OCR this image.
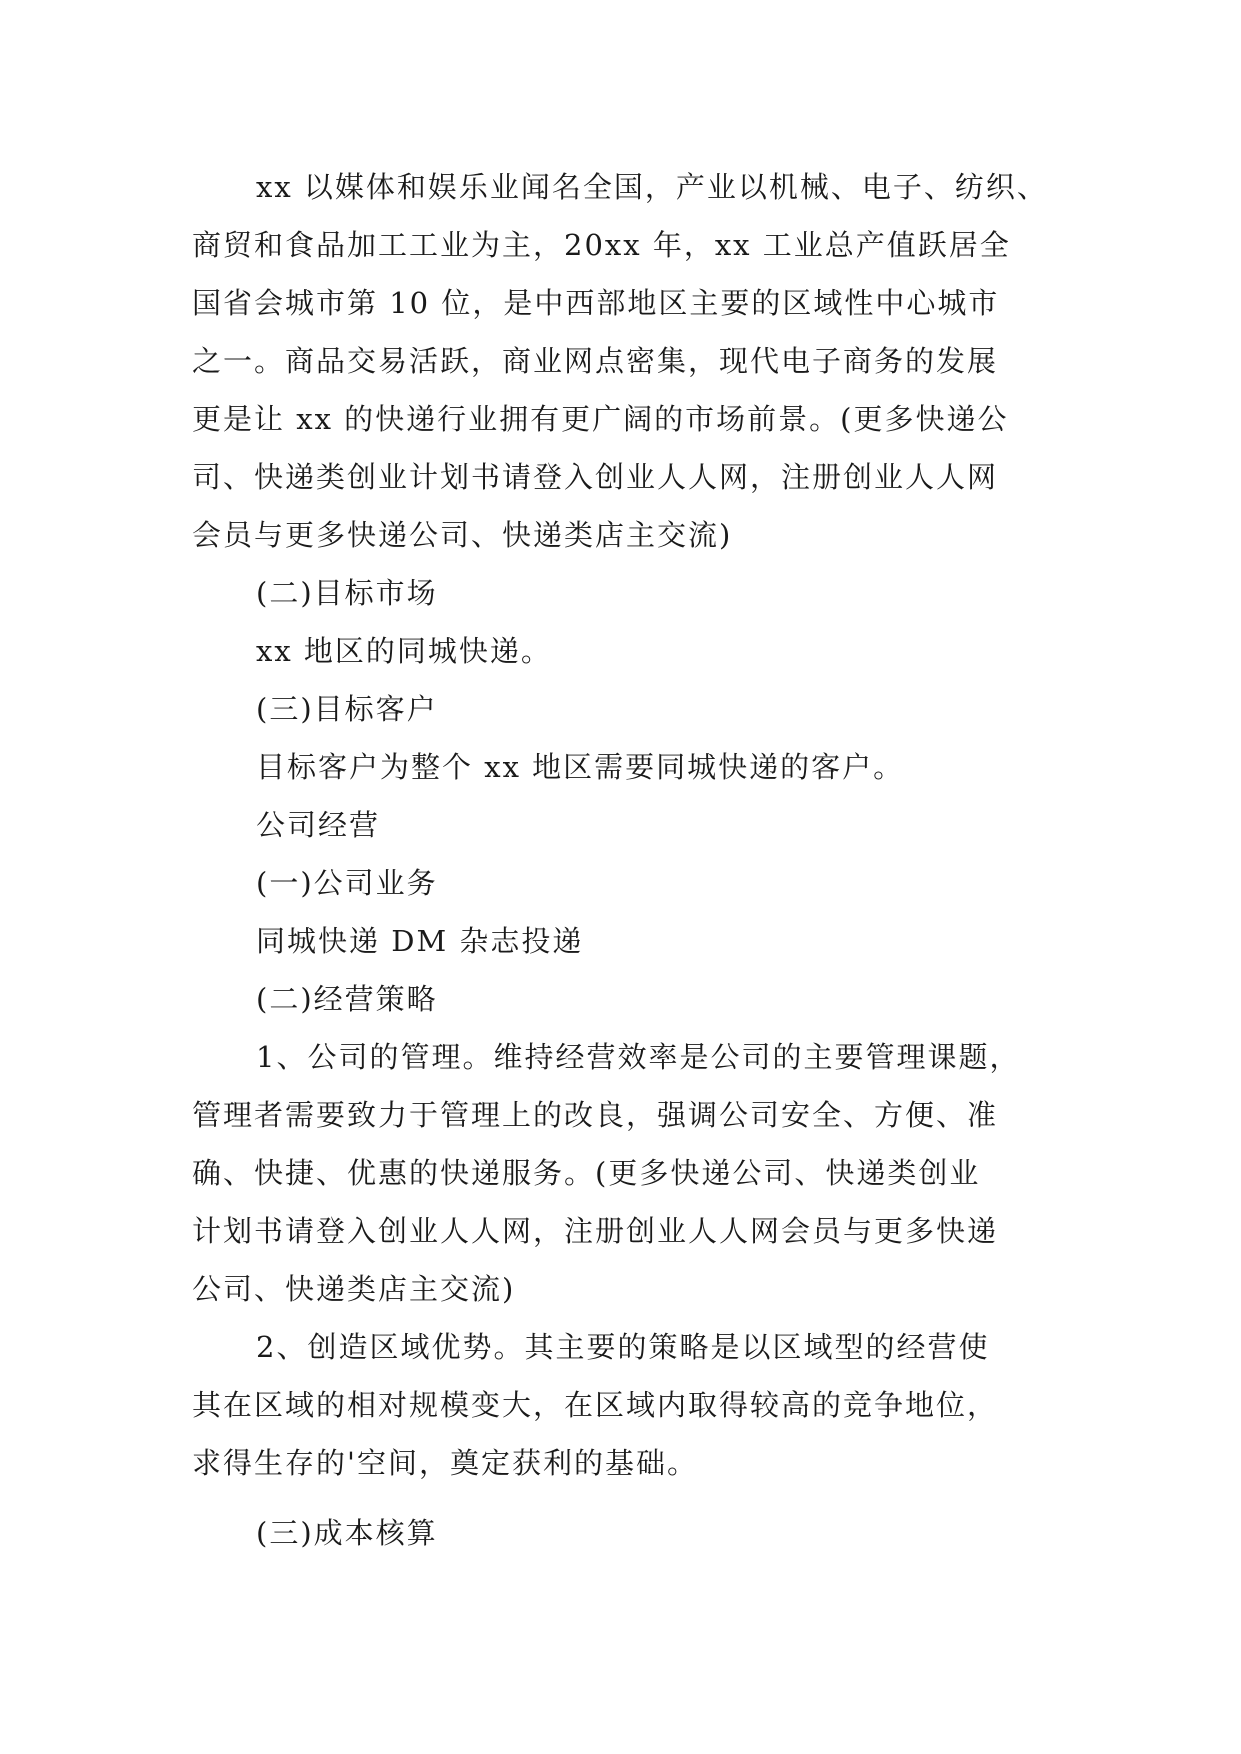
xx 以媒体和娱乐业闻名全国，产业以机械、电子、纺织、
商贸和食品加工工业为主，20xx 年，xx 工业总产值跃居全
国省会城市第 10 位，是中西部地区主要的区域性中心城市
之一。商品交易活跃，商业网点密集，现代电子商务的发展
更是让 xx 的快递行业拥有更广阔的市场前景。(更多快递公
司、快递类创业计划书请登入创业人人网，注册创业人人网
会员与更多快递公司、快递类店主交流)
(二)目标市场
xx 地区的同城快递。
(三)目标客户
目标客户为整个 xx 地区需要同城快递的客户。
公司经营
(一)公司业务
同城快递 DM 杂志投递
(二)经营策略
1、公司的管理。维持经营效率是公司的主要管理课题，
管理者需要致力于管理上的改良，强调公司安全、方便、准
确、快捷、优惠的快递服务。(更多快递公司、快递类创业
计划书请登入创业人人网，注册创业人人网会员与更多快递
公司、快递类店主交流)
2、创造区域优势。其主要的策略是以区域型的经营使
其在区域的相对规模变大，在区域内取得较高的竞争地位，
求得生存的'空间，奠定获利的基础。
(三)成本核算
